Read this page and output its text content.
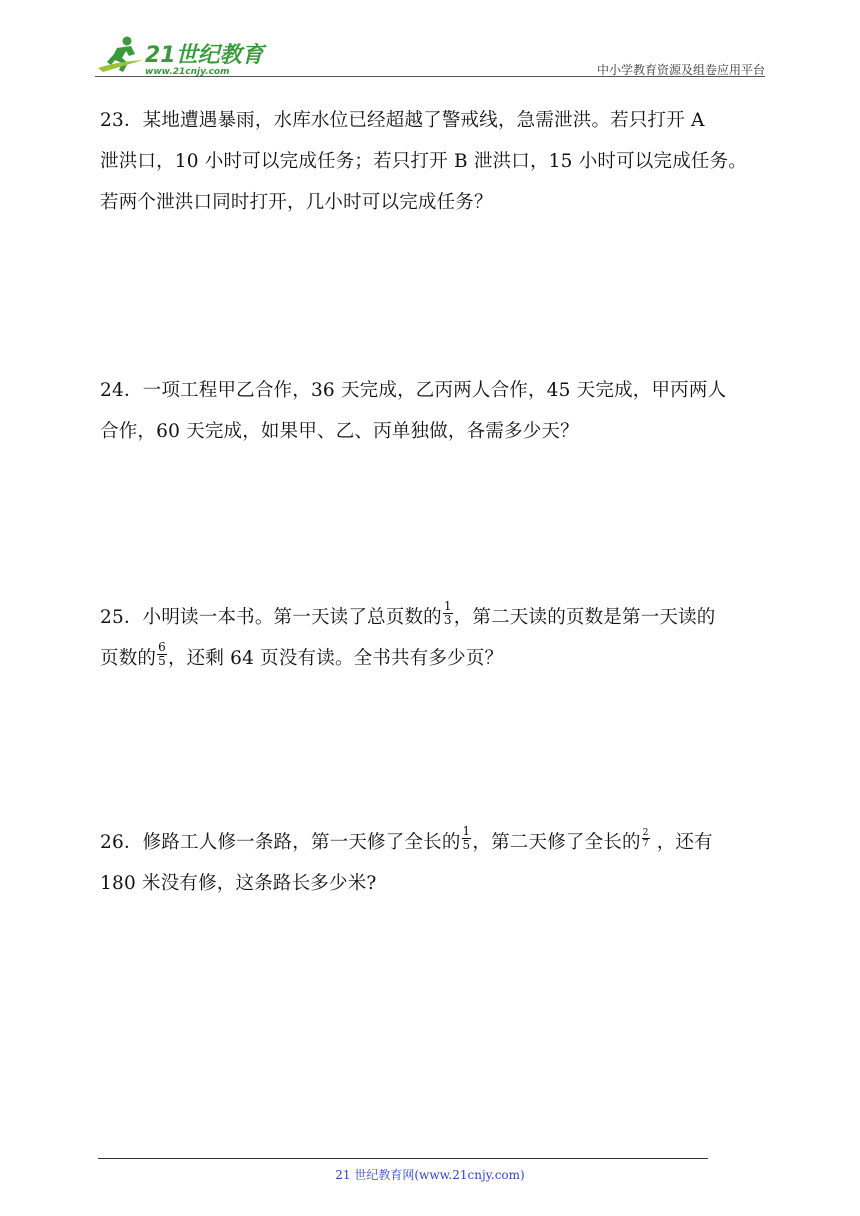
21世纪教育
www.21cnjy.com	中小学教育资源及组卷应用平台

23．某地遭遇暴雨，水库水位已经超越了警戒线，急需泄洪。若只打开 A

泄洪口，10 小时可以完成任务；若只打开 B 泄洪口，15 小时可以完成任务。

若两个泄洪口同时打开，几小时可以完成任务？

24．一项工程甲乙合作，36 天完成，乙丙两人合作，45 天完成，甲丙两人

合作，60 天完成，如果甲、乙、丙单独做，各需多少天？

25．小明读一本书。第一天读了总页数的 $\frac{1}{3}$ ，第二天读的页数是第一天读的

页数的 $\frac{6}{5}$ ，还剩 64 页没有读。全书共有多少页？

26．修路工人修一条路，第一天修了全长的 $\frac{1}{5}$ ，第二天修了全长的 $\frac{2}{7}$ ，还有

180 米没有修，这条路长多少米?

21 世纪教育网(www.21cnjy.com)
